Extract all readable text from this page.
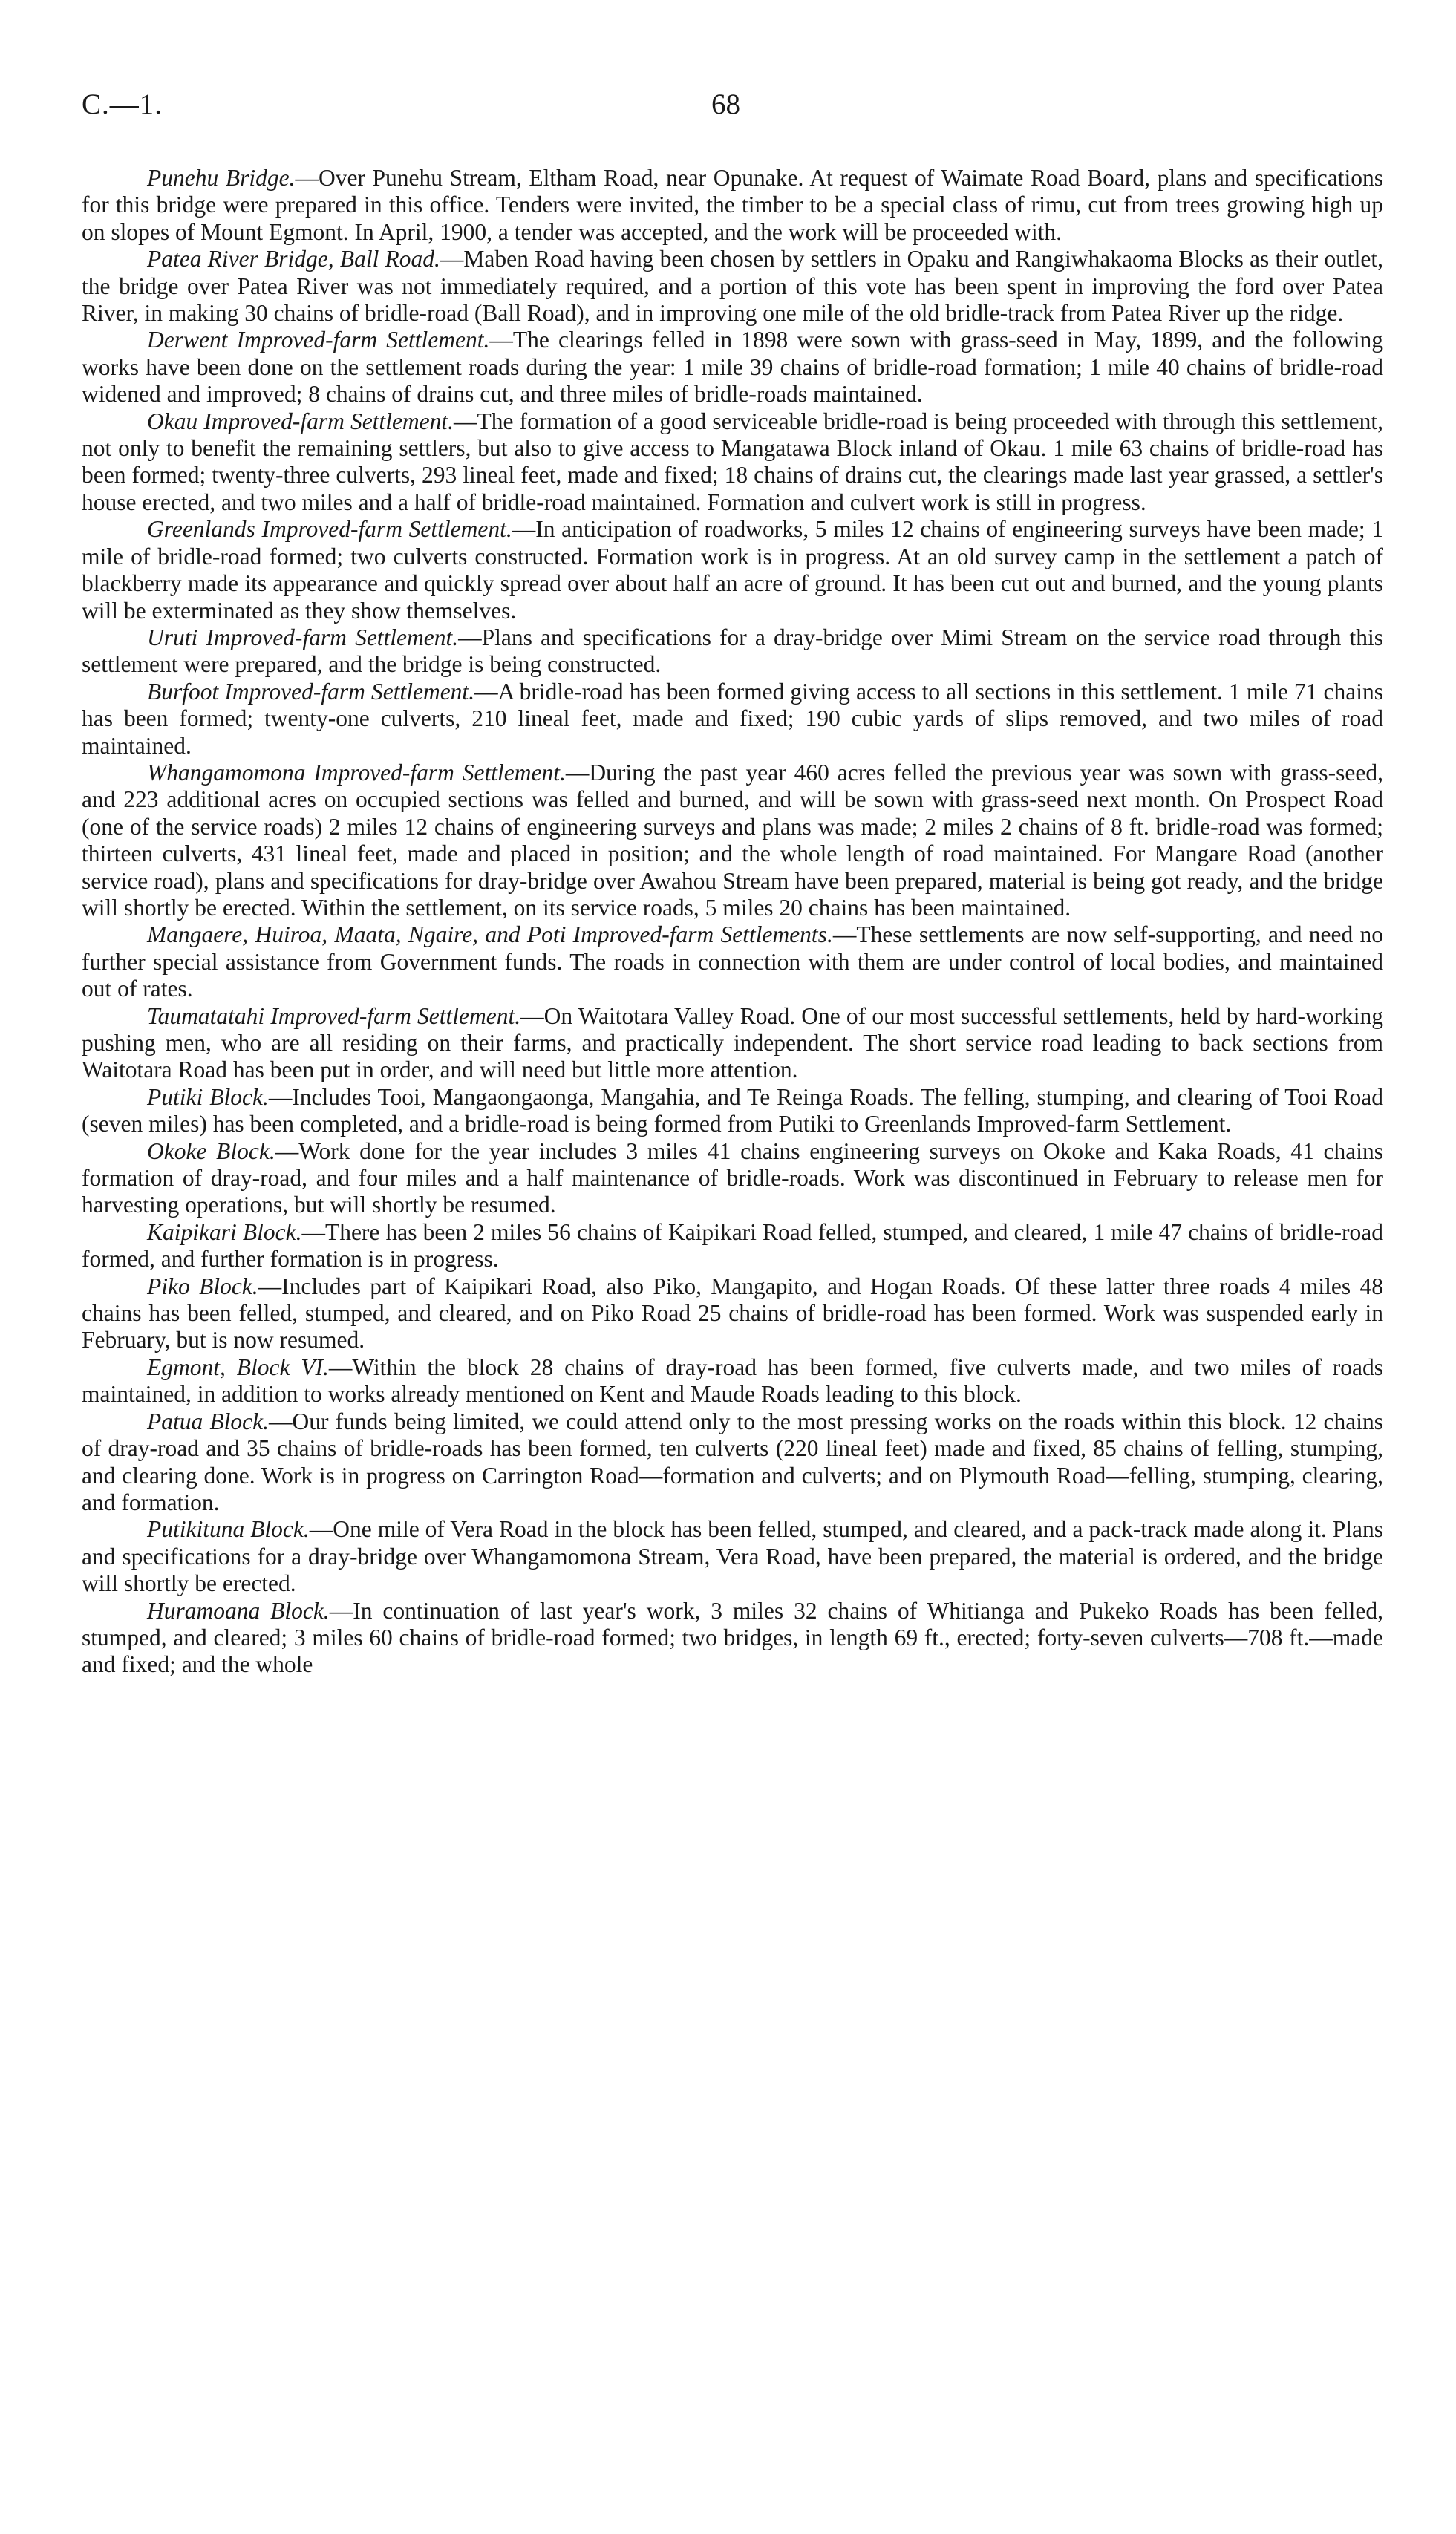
C.—1.	68

Punehu Bridge.—Over Punehu Stream, Eltham Road, near Opunake. At request of Waimate Road Board, plans and specifications for this bridge were prepared in this office. Tenders were invited, the timber to be a special class of rimu, cut from trees growing high up on slopes of Mount Egmont. In April, 1900, a tender was accepted, and the work will be proceeded with.

Patea River Bridge, Ball Road.—Maben Road having been chosen by settlers in Opaku and Rangiwhakaoma Blocks as their outlet, the bridge over Patea River was not immediately required, and a portion of this vote has been spent in improving the ford over Patea River, in making 30 chains of bridle-road (Ball Road), and in improving one mile of the old bridle-track from Patea River up the ridge.

Derwent Improved-farm Settlement.—The clearings felled in 1898 were sown with grass-seed in May, 1899, and the following works have been done on the settlement roads during the year: 1 mile 39 chains of bridle-road formation; 1 mile 40 chains of bridle-road widened and improved; 8 chains of drains cut, and three miles of bridle-roads maintained.

Okau Improved-farm Settlement.—The formation of a good serviceable bridle-road is being proceeded with through this settlement, not only to benefit the remaining settlers, but also to give access to Mangatawa Block inland of Okau. 1 mile 63 chains of bridle-road has been formed; twenty-three culverts, 293 lineal feet, made and fixed; 18 chains of drains cut, the clearings made last year grassed, a settler's house erected, and two miles and a half of bridle-road maintained. Formation and culvert work is still in progress.

Greenlands Improved-farm Settlement.—In anticipation of roadworks, 5 miles 12 chains of engineering surveys have been made; 1 mile of bridle-road formed; two culverts constructed. Formation work is in progress. At an old survey camp in the settlement a patch of blackberry made its appearance and quickly spread over about half an acre of ground. It has been cut out and burned, and the young plants will be exterminated as they show themselves.

Uruti Improved-farm Settlement.—Plans and specifications for a dray-bridge over Mimi Stream on the service road through this settlement were prepared, and the bridge is being constructed.

Burfoot Improved-farm Settlement.—A bridle-road has been formed giving access to all sections in this settlement. 1 mile 71 chains has been formed; twenty-one culverts, 210 lineal feet, made and fixed; 190 cubic yards of slips removed, and two miles of road maintained.

Whangamomona Improved-farm Settlement.—During the past year 460 acres felled the previous year was sown with grass-seed, and 223 additional acres on occupied sections was felled and burned, and will be sown with grass-seed next month. On Prospect Road (one of the service roads) 2 miles 12 chains of engineering surveys and plans was made; 2 miles 2 chains of 8 ft. bridle-road was formed; thirteen culverts, 431 lineal feet, made and placed in position; and the whole length of road maintained. For Mangare Road (another service road), plans and specifications for dray-bridge over Awahou Stream have been prepared, material is being got ready, and the bridge will shortly be erected. Within the settlement, on its service roads, 5 miles 20 chains has been maintained.

Mangaere, Huiroa, Maata, Ngaire, and Poti Improved-farm Settlements.—These settlements are now self-supporting, and need no further special assistance from Government funds. The roads in connection with them are under control of local bodies, and maintained out of rates.

Taumatatahi Improved-farm Settlement.—On Waitotara Valley Road. One of our most successful settlements, held by hard-working pushing men, who are all residing on their farms, and practically independent. The short service road leading to back sections from Waitotara Road has been put in order, and will need but little more attention.

Putiki Block.—Includes Tooi, Mangaongaonga, Mangahia, and Te Reinga Roads. The felling, stumping, and clearing of Tooi Road (seven miles) has been completed, and a bridle-road is being formed from Putiki to Greenlands Improved-farm Settlement.

Okoke Block.—Work done for the year includes 3 miles 41 chains engineering surveys on Okoke and Kaka Roads, 41 chains formation of dray-road, and four miles and a half maintenance of bridle-roads. Work was discontinued in February to release men for harvesting operations, but will shortly be resumed.

Kaipikari Block.—There has been 2 miles 56 chains of Kaipikari Road felled, stumped, and cleared, 1 mile 47 chains of bridle-road formed, and further formation is in progress.

Piko Block.—Includes part of Kaipikari Road, also Piko, Mangapito, and Hogan Roads. Of these latter three roads 4 miles 48 chains has been felled, stumped, and cleared, and on Piko Road 25 chains of bridle-road has been formed. Work was suspended early in February, but is now resumed.

Egmont, Block VI.—Within the block 28 chains of dray-road has been formed, five culverts made, and two miles of roads maintained, in addition to works already mentioned on Kent and Maude Roads leading to this block.

Patua Block.—Our funds being limited, we could attend only to the most pressing works on the roads within this block. 12 chains of dray-road and 35 chains of bridle-roads has been formed, ten culverts (220 lineal feet) made and fixed, 85 chains of felling, stumping, and clearing done. Work is in progress on Carrington Road—formation and culverts; and on Plymouth Road—felling, stumping, clearing, and formation.

Putikituna Block.—One mile of Vera Road in the block has been felled, stumped, and cleared, and a pack-track made along it. Plans and specifications for a dray-bridge over Whangamomona Stream, Vera Road, have been prepared, the material is ordered, and the bridge will shortly be erected.

Huramoana Block.—In continuation of last year's work, 3 miles 32 chains of Whitianga and Pukeko Roads has been felled, stumped, and cleared; 3 miles 60 chains of bridle-road formed; two bridges, in length 69 ft., erected; forty-seven culverts—708 ft.—made and fixed; and the whole
